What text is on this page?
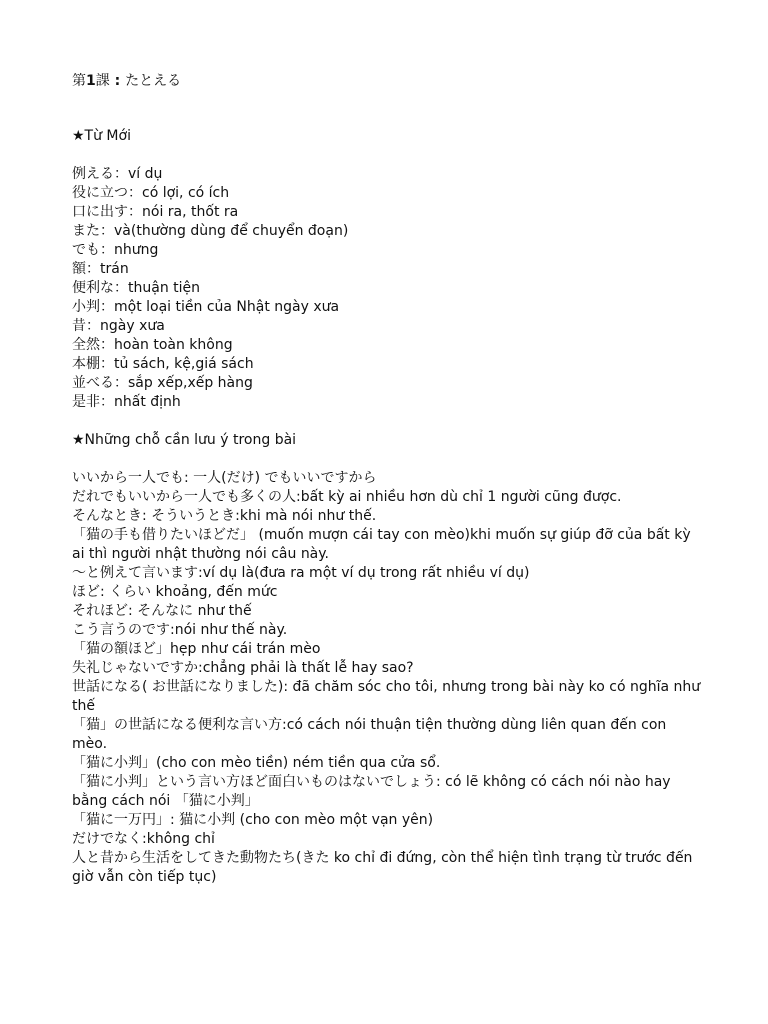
第1課 : たとえる

★Từ Mới

例える：ví dụ
役に立つ：có lợi, có ích
口に出す：nói ra, thốt ra
また：và(thường dùng để chuyển đoạn)
でも：nhưng
額：trán
便利な：thuận tiện
小判：một loại tiền của Nhật ngày xưa
昔：ngày xưa
全然：hoàn toàn không
本棚：tủ sách, kệ,giá sách
並べる：sắp xếp,xếp hàng
是非：nhất định

★Những chỗ cần lưu ý trong bài

いいから一人でも: 一人(だけ) でもいいですから
だれでもいいから一人でも多くの人:bất kỳ ai nhiều hơn dù chỉ 1 người cũng được.
そんなとき: そういうとき:khi mà nói như thế.
「猫の手も借りたいほどだ」 (muốn mượn cái tay con mèo)khi muốn sự giúp đỡ của bất kỳ ai thì người nhật thường nói câu này.
～と例えて言います:ví dụ là(đưa ra một ví dụ trong rất nhiều ví dụ)
ほど: くらい khoảng, đến mức
それほど: そんなに như thế
こう言うのです:nói như thế này.
「猫の額ほど」hẹp như cái trán mèo
失礼じゃないですか:chẳng phải là thất lễ hay sao?
世話になる( お世話になりました): đã chăm sóc cho tôi, nhưng trong bài này ko có nghĩa như thế
「猫」の世話になる便利な言い方:có cách nói thuận tiện thường dùng liên quan đến con mèo.
「猫に小判」(cho con mèo tiền) ném tiền qua cửa sổ.
「猫に小判」という言い方ほど面白いものはないでしょう: có lẽ không có cách nói nào hay bằng cách nói 「猫に小判」
「猫に一万円」: 猫に小判 (cho con mèo một vạn yên)
だけでなく:không chỉ
人と昔から生活をしてきた動物たち(きた ko chỉ đi đứng, còn thể hiện tình trạng từ trước đến giờ vẫn còn tiếp tục)
